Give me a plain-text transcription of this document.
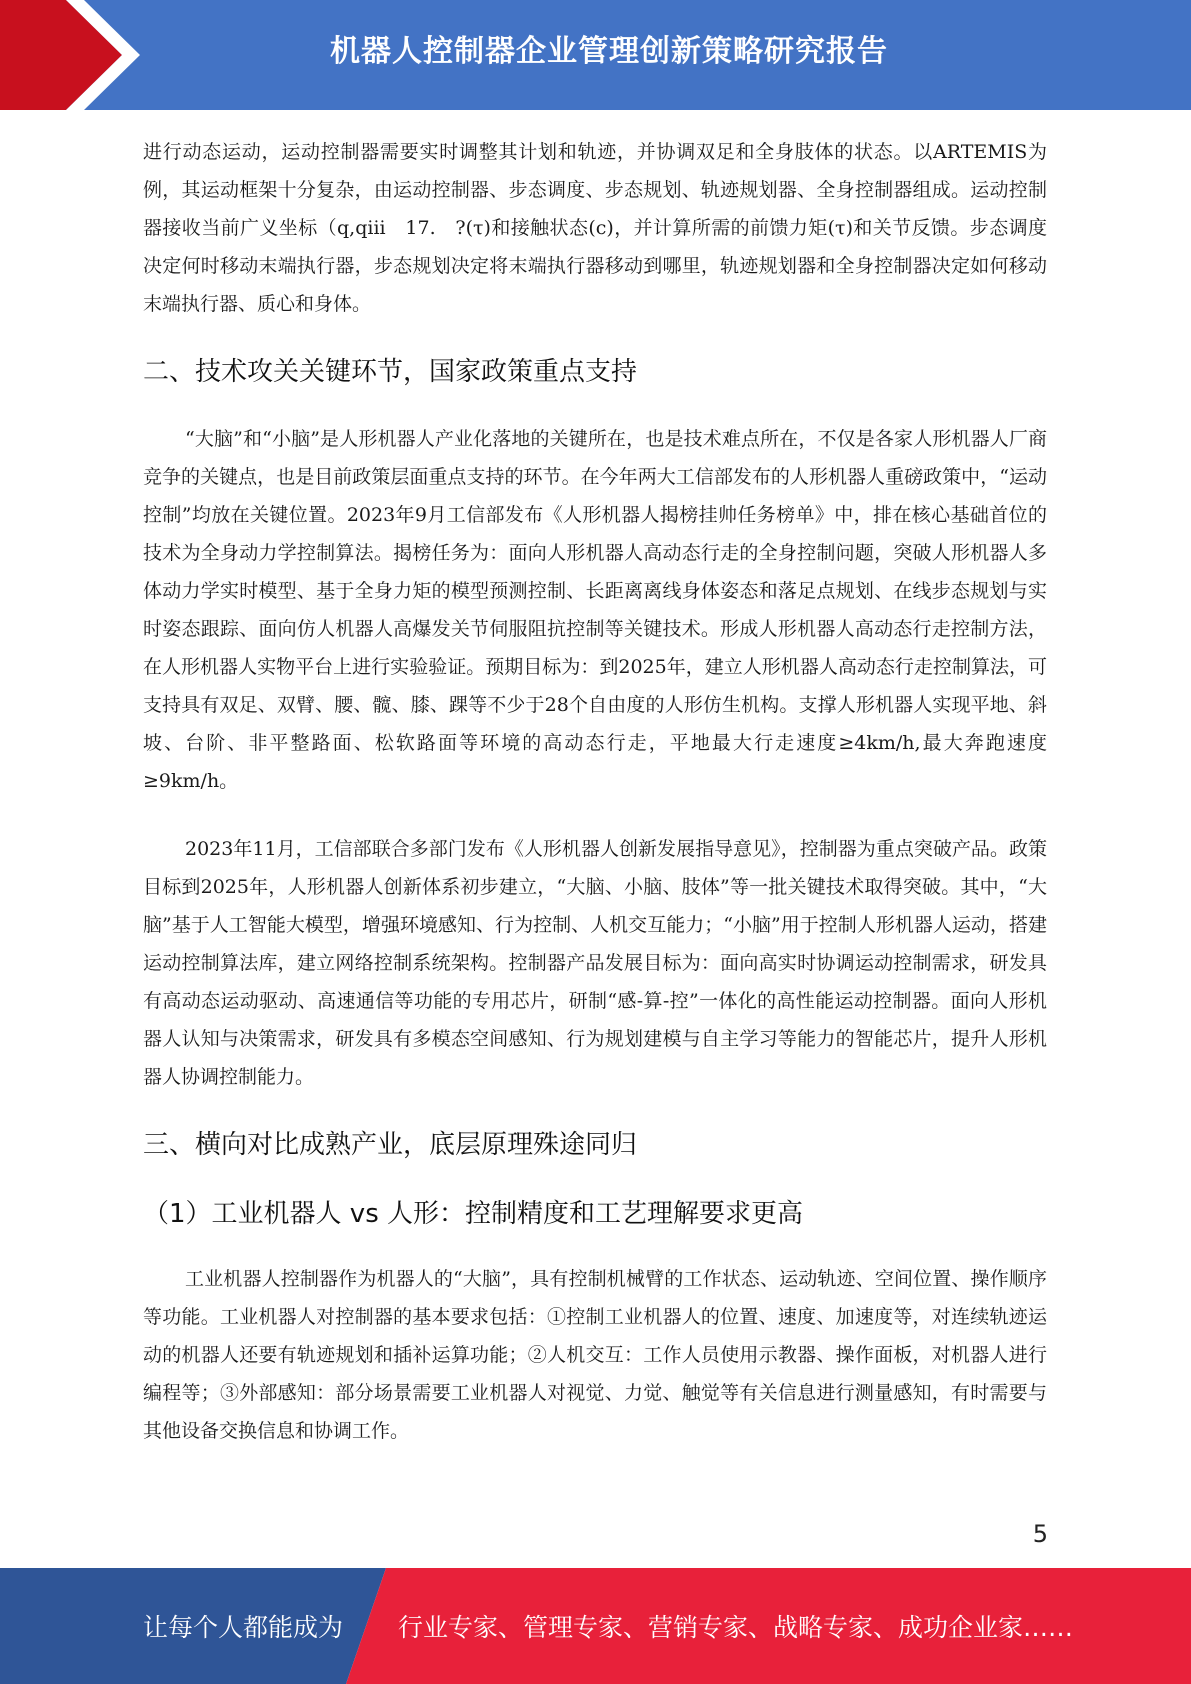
机器人控制器企业管理创新策略研究报告

进行动态运动，运动控制器需要实时调整其计划和轨迹，并协调双足和全身肢体的状态。以ARTEMIS为例，其运动框架十分复杂，由运动控制器、步态调度、步态规划、轨迹规划器、全身控制器组成。运动控制器接收当前广义坐标（q,qiii　17.　?(τ)和接触状态(c)，并计算所需的前馈力矩(τ)和关节反馈。步态调度决定何时移动末端执行器，步态规划决定将末端执行器移动到哪里，轨迹规划器和全身控制器决定如何移动末端执行器、质心和身体。

二、技术攻关关键环节，国家政策重点支持

“大脑”和“小脑”是人形机器人产业化落地的关键所在，也是技术难点所在，不仅是各家人形机器人厂商竞争的关键点，也是目前政策层面重点支持的环节。在今年两大工信部发布的人形机器人重磅政策中，“运动控制”均放在关键位置。2023年9月工信部发布《人形机器人揭榜挂帅任务榜单》中，排在核心基础首位的技术为全身动力学控制算法。揭榜任务为：面向人形机器人高动态行走的全身控制问题，突破人形机器人多体动力学实时模型、基于全身力矩的模型预测控制、长距离离线身体姿态和落足点规划、在线步态规划与实时姿态跟踪、面向仿人机器人高爆发关节伺服阻抗控制等关键技术。形成人形机器人高动态行走控制方法，在人形机器人实物平台上进行实验验证。预期目标为：到2025年，建立人形机器人高动态行走控制算法，可支持具有双足、双臂、腰、髋、膝、踝等不少于28个自由度的人形仿生机构。支撑人形机器人实现平地、斜坡、台阶、非平整路面、松软路面等环境的高动态行走，平地最大行走速度≥4km/h,最大奔跑速度≥9km/h。

2023年11月，工信部联合多部门发布《人形机器人创新发展指导意见》，控制器为重点突破产品。政策目标到2025年，人形机器人创新体系初步建立，“大脑、小脑、肢体”等一批关键技术取得突破。其中，“大脑”基于人工智能大模型，增强环境感知、行为控制、人机交互能力；“小脑”用于控制人形机器人运动，搭建运动控制算法库，建立网络控制系统架构。控制器产品发展目标为：面向高实时协调运动控制需求，研发具有高动态运动驱动、高速通信等功能的专用芯片，研制“感-算-控”一体化的高性能运动控制器。面向人形机器人认知与决策需求，研发具有多模态空间感知、行为规划建模与自主学习等能力的智能芯片，提升人形机器人协调控制能力。

三、横向对比成熟产业，底层原理殊途同归
（1）工业机器人 vs 人形：控制精度和工艺理解要求更高

工业机器人控制器作为机器人的“大脑”，具有控制机械臂的工作状态、运动轨迹、空间位置、操作顺序等功能。工业机器人对控制器的基本要求包括：①控制工业机器人的位置、速度、加速度等，对连续轨迹运动的机器人还要有轨迹规划和插补运算功能；②人机交互：工作人员使用示教器、操作面板，对机器人进行编程等；③外部感知：部分场景需要工业机器人对视觉、力觉、触觉等有关信息进行测量感知，有时需要与其他设备交换信息和协调工作。

5
让每个人都能成为 行业专家、管理专家、营销专家、战略专家、成功企业家……
